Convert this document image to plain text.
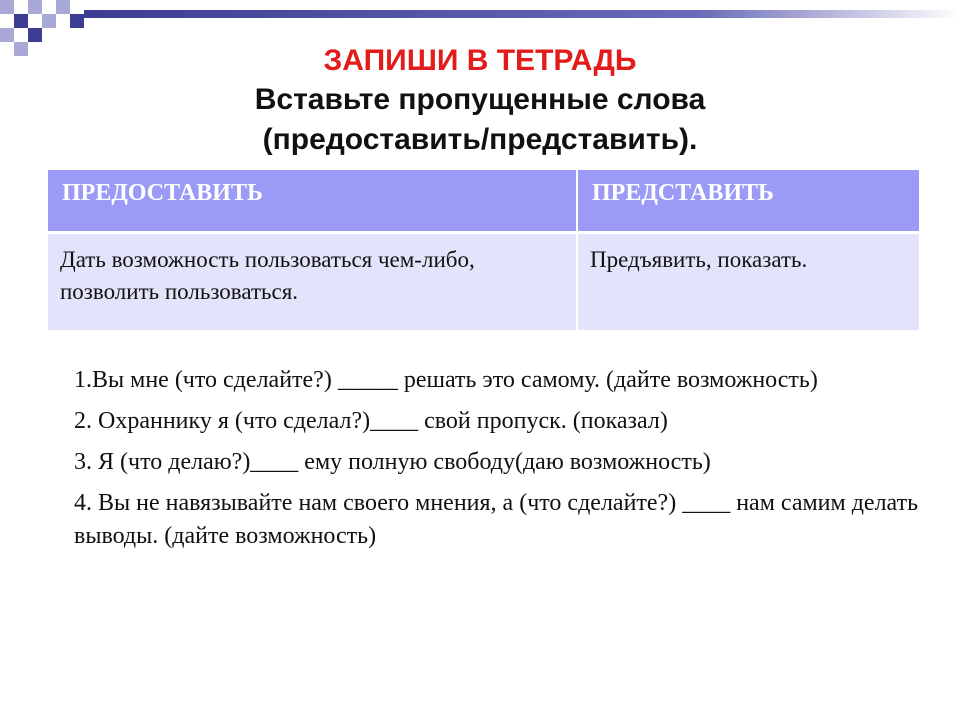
ЗАПИШИ В ТЕТРАДЬ
Вставьте пропущенные слова
(предоставить/представить).
ПРЕДОСТАВИТЬ	ПРЕДСТАВИТЬ
Дать возможность пользоваться чем-либо, позволить пользоваться.	Предъявить, показать.
1.Вы мне (что сделайте?) _____ решать это самому. (дайте возможность)
2. Охраннику я (что сделал?)____ свой пропуск. (показал)
3. Я (что делаю?)____ ему полную свободу(даю возможность)
4. Вы не навязывайте нам своего мнения, а (что сделайте?) ____ нам самим делать выводы. (дайте возможность)
